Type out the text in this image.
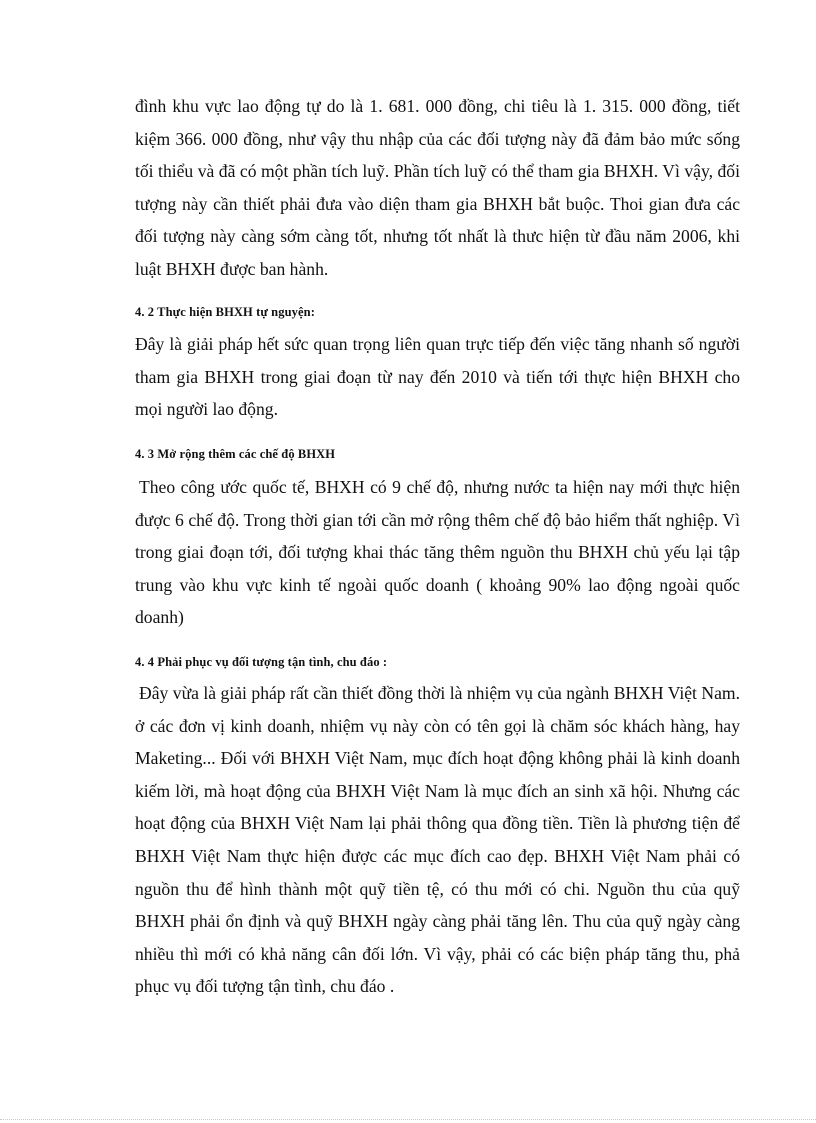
đình khu vực lao động tự do là 1. 681. 000 đồng, chi tiêu là 1. 315. 000 đồng, tiết kiệm 366. 000 đồng, như vậy thu nhập của các đối tượng này đã đảm bảo mức sống tối thiểu và đã có một phần tích luỹ. Phần tích luỹ có thể tham gia BHXH. Vì vậy, đối tượng này cần thiết phải đưa vào diện tham gia BHXH bắt buộc. Thoi gian đưa các đối tượng này càng sớm càng tốt, nhưng tốt nhất là thưc hiện từ đầu năm 2006, khi luật BHXH được ban hành.

4. 2 Thực hiện BHXH tự nguyện:

Đây là giải pháp hết sức quan trọng liên quan trực tiếp đến việc tăng nhanh số người tham gia BHXH trong giai đoạn từ nay đến 2010 và tiến tới thực hiện BHXH cho mọi người lao động.

4. 3 Mở rộng thêm các chế độ BHXH

Theo công ước quốc tế, BHXH có 9 chế độ, nhưng nước ta hiện nay mới thực hiện được 6 chế độ. Trong thời gian tới cần mở rộng thêm chế độ bảo hiểm thất nghiệp. Vì trong giai đoạn tới, đối tượng khai thác tăng thêm nguồn thu BHXH chủ yếu lại tập trung vào khu vực kinh tế ngoài quốc doanh ( khoảng 90% lao động ngoài quốc doanh)

4. 4 Phải phục vụ đối tượng tận tình, chu đáo :

Đây vừa là giải pháp rất cần thiết đồng thời là nhiệm vụ của ngành BHXH Việt Nam. ở các đơn vị kinh doanh, nhiệm vụ này còn có tên gọi là chăm sóc khách hàng, hay Maketing... Đối với BHXH Việt Nam, mục đích hoạt động không phải là kinh doanh kiếm lời, mà hoạt động của BHXH Việt Nam là mục đích an sinh xã hội. Nhưng các hoạt động của BHXH Việt Nam lại phải thông qua đồng tiền. Tiền là phương tiện để BHXH Việt Nam thực hiện được các mục đích cao đẹp. BHXH Việt Nam phải có nguồn thu để hình thành một quỹ tiền tệ, có thu mới có chi. Nguồn thu của quỹ BHXH phải ổn định và quỹ BHXH ngày càng phải tăng lên. Thu của quỹ ngày càng nhiều thì mới có khả năng cân đối lớn. Vì vậy, phải có các biện pháp tăng thu, phả phục vụ đối tượng tận tình, chu đáo .
